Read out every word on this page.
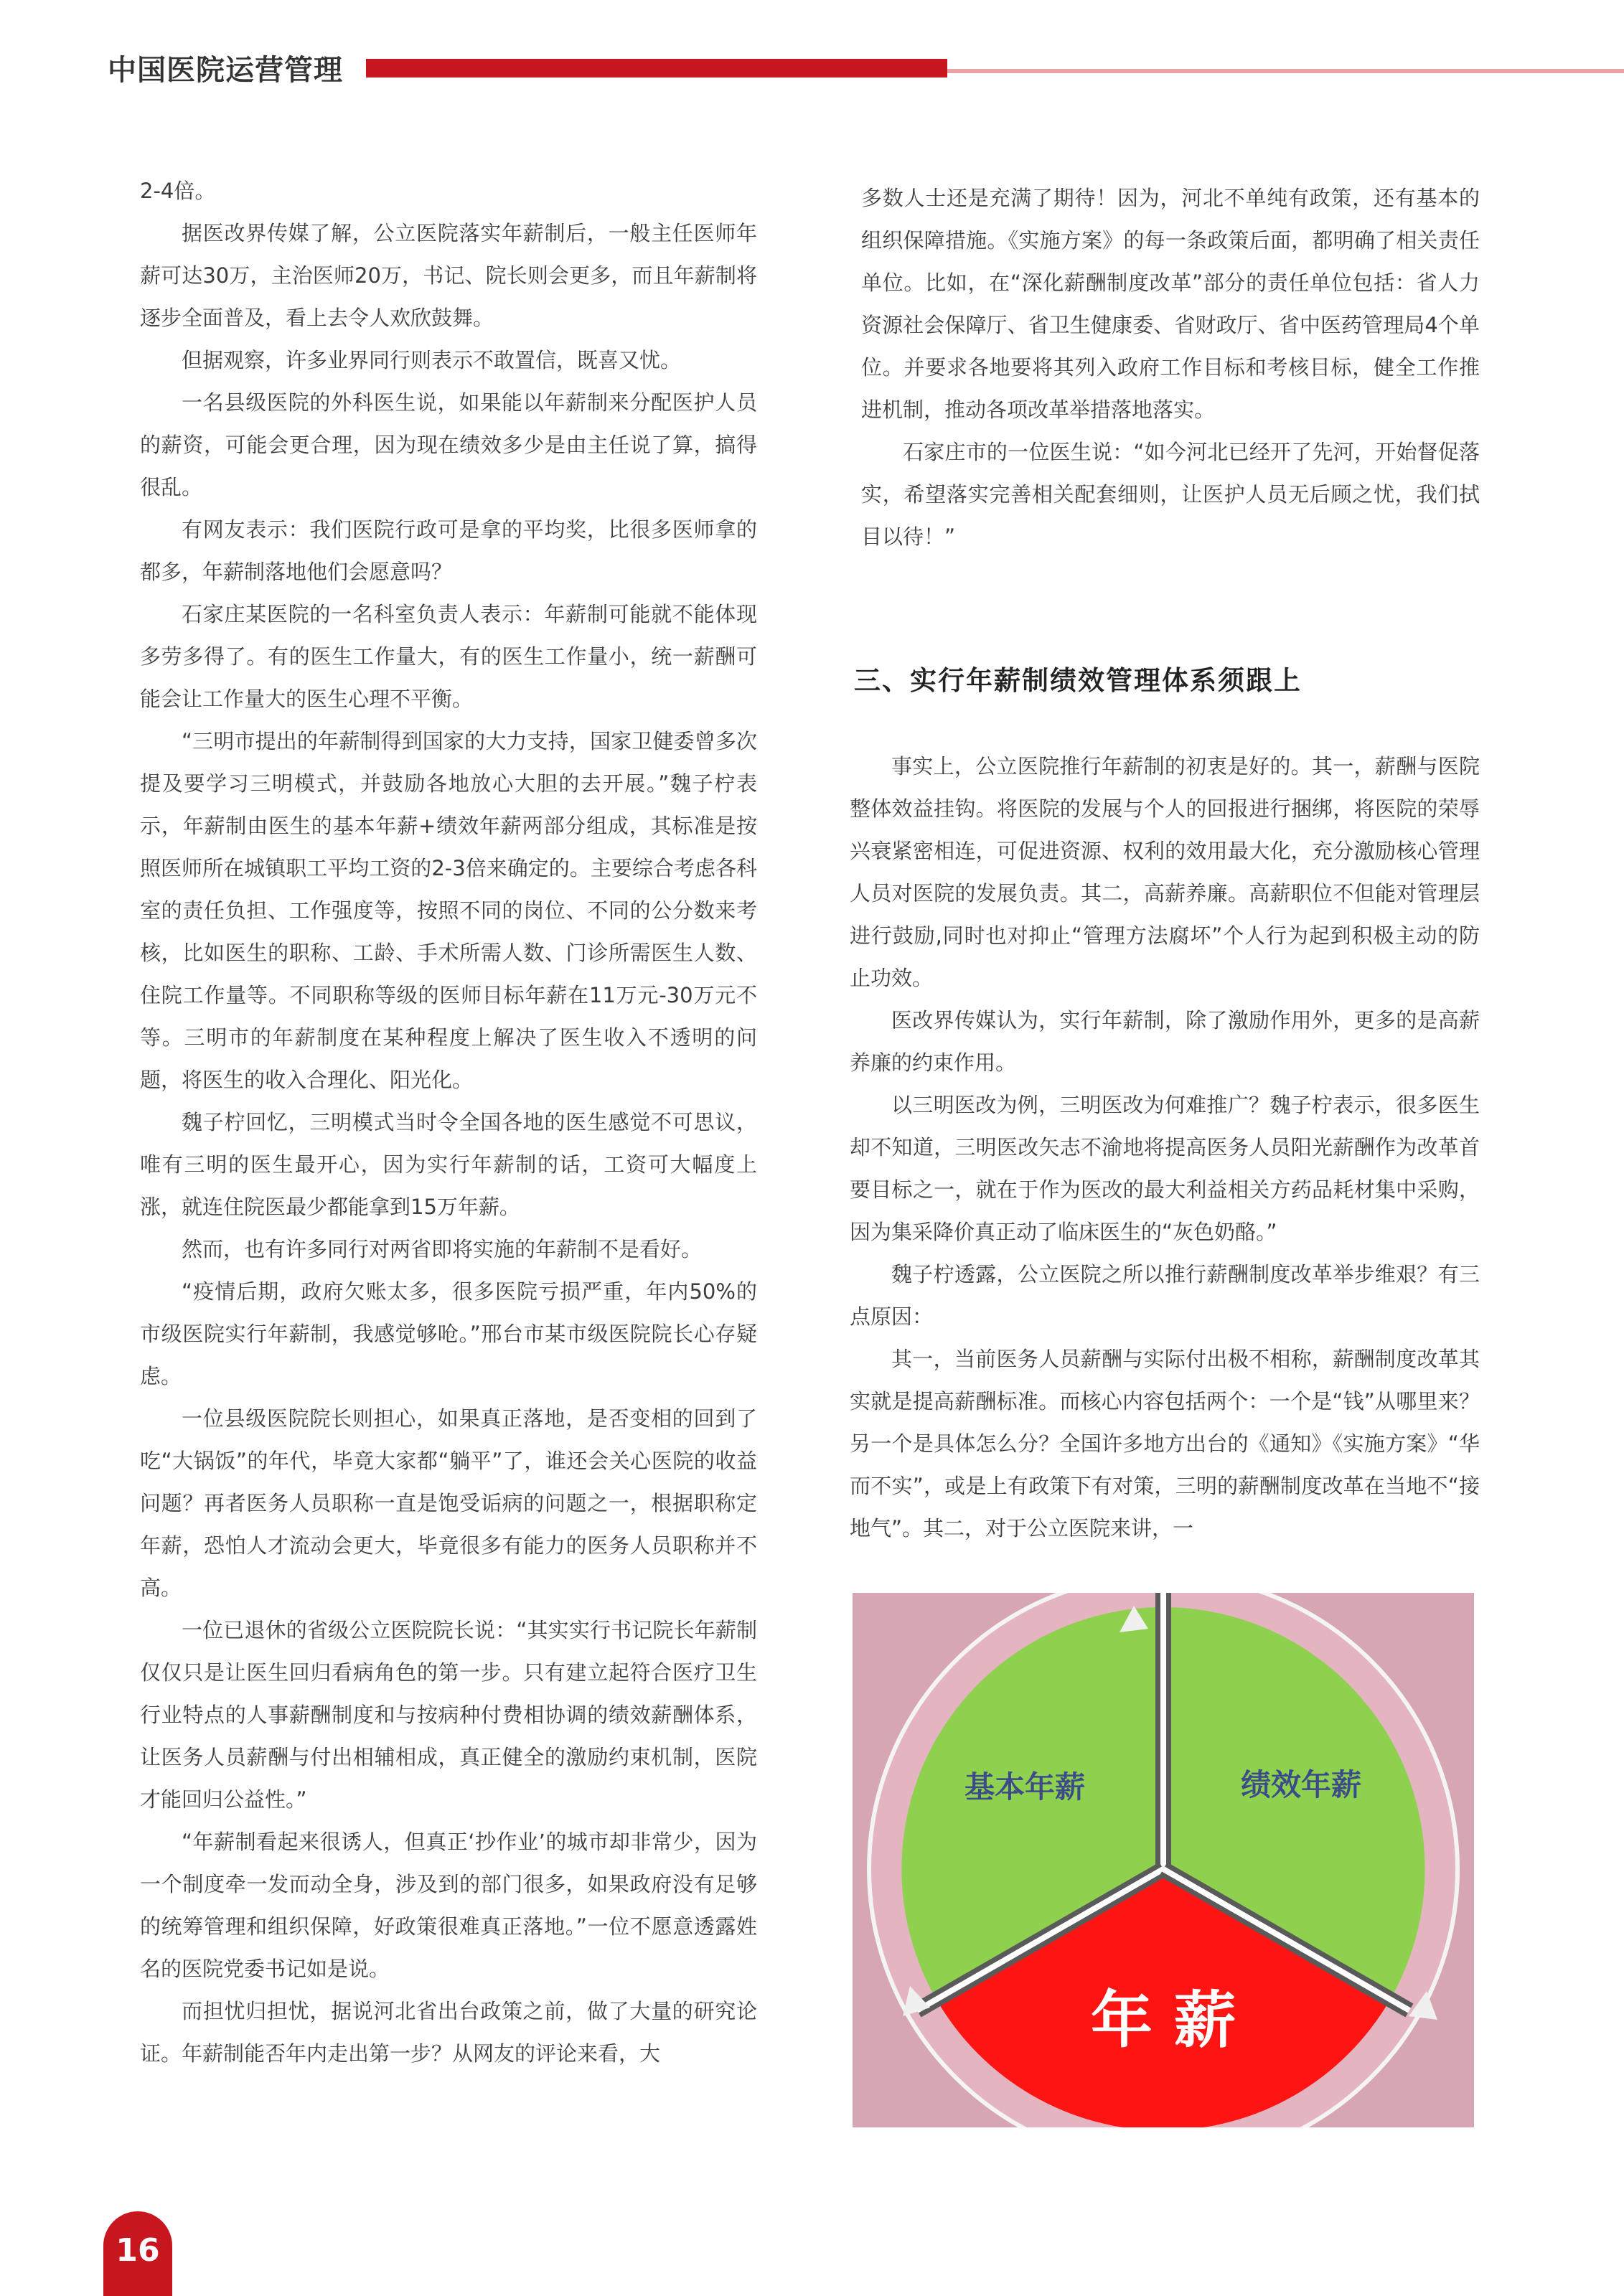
中国医院运营管理

2-4倍。

据医改界传媒了解，公立医院落实年薪制后，一般主任医师年薪可达30万，主治医师20万，书记、院长则会更多，而且年薪制将逐步全面普及，看上去令人欢欣鼓舞。

但据观察，许多业界同行则表示不敢置信，既喜又忧。

一名县级医院的外科医生说，如果能以年薪制来分配医护人员的薪资，可能会更合理，因为现在绩效多少是由主任说了算，搞得很乱。

有网友表示：我们医院行政可是拿的平均奖，比很多医师拿的都多，年薪制落地他们会愿意吗？

石家庄某医院的一名科室负责人表示：年薪制可能就不能体现多劳多得了。有的医生工作量大，有的医生工作量小，统一薪酬可能会让工作量大的医生心理不平衡。

“三明市提出的年薪制得到国家的大力支持，国家卫健委曾多次提及要学习三明模式，并鼓励各地放心大胆的去开展。”魏子柠表示，年薪制由医生的基本年薪+绩效年薪两部分组成，其标准是按照医师所在城镇职工平均工资的2-3倍来确定的。主要综合考虑各科室的责任负担、工作强度等，按照不同的岗位、不同的公分数来考核，比如医生的职称、工龄、手术所需人数、门诊所需医生人数、住院工作量等。不同职称等级的医师目标年薪在11万元-30万元不等。三明市的年薪制度在某种程度上解决了医生收入不透明的问题，将医生的收入合理化、阳光化。

魏子柠回忆，三明模式当时令全国各地的医生感觉不可思议，唯有三明的医生最开心，因为实行年薪制的话，工资可大幅度上涨，就连住院医最少都能拿到15万年薪。

然而，也有许多同行对两省即将实施的年薪制不是看好。

“疫情后期，政府欠账太多，很多医院亏损严重，年内50%的市级医院实行年薪制，我感觉够呛。”邢台市某市级医院院长心存疑虑。

一位县级医院院长则担心，如果真正落地，是否变相的回到了吃“大锅饭”的年代，毕竟大家都“躺平”了，谁还会关心医院的收益问题？再者医务人员职称一直是饱受诟病的问题之一，根据职称定年薪，恐怕人才流动会更大，毕竟很多有能力的医务人员职称并不高。

一位已退休的省级公立医院院长说：“其实实行书记院长年薪制仅仅只是让医生回归看病角色的第一步。只有建立起符合医疗卫生行业特点的人事薪酬制度和与按病种付费相协调的绩效薪酬体系，让医务人员薪酬与付出相辅相成，真正健全的激励约束机制，医院才能回归公益性。”

“年薪制看起来很诱人，但真正‘抄作业’的城市却非常少，因为一个制度牵一发而动全身，涉及到的部门很多，如果政府没有足够的统筹管理和组织保障，好政策很难真正落地。”一位不愿意透露姓名的医院党委书记如是说。

而担忧归担忧，据说河北省出台政策之前，做了大量的研究论证。年薪制能否年内走出第一步？从网友的评论来看，大

多数人士还是充满了期待！因为，河北不单纯有政策，还有基本的组织保障措施。《实施方案》的每一条政策后面，都明确了相关责任单位。比如，在“深化薪酬制度改革”部分的责任单位包括：省人力资源社会保障厅、省卫生健康委、省财政厅、省中医药管理局4个单位。并要求各地要将其列入政府工作目标和考核目标，健全工作推进机制，推动各项改革举措落地落实。

石家庄市的一位医生说：“如今河北已经开了先河，开始督促落实，希望落实完善相关配套细则，让医护人员无后顾之忧，我们拭目以待！”

三、实行年薪制绩效管理体系须跟上

事实上，公立医院推行年薪制的初衷是好的。其一，薪酬与医院整体效益挂钩。将医院的发展与个人的回报进行捆绑，将医院的荣辱兴衰紧密相连，可促进资源、权利的效用最大化，充分激励核心管理人员对医院的发展负责。其二，高薪养廉。高薪职位不但能对管理层进行鼓励,同时也对抑止“管理方法腐坏”个人行为起到积极主动的防止功效。

医改界传媒认为，实行年薪制，除了激励作用外，更多的是高薪养廉的约束作用。

以三明医改为例，三明医改为何难推广？魏子柠表示，很多医生却不知道，三明医改矢志不渝地将提高医务人员阳光薪酬作为改革首要目标之一，就在于作为医改的最大利益相关方药品耗材集中采购，因为集采降价真正动了临床医生的“灰色奶酪。”

魏子柠透露，公立医院之所以推行薪酬制度改革举步维艰？有三点原因：

其一，当前医务人员薪酬与实际付出极不相称，薪酬制度改革其实就是提高薪酬标准。而核心内容包括两个：一个是“钱”从哪里来？另一个是具体怎么分？全国许多地方出台的《通知》《实施方案》“华而不实”，或是上有政策下有对策，三明的薪酬制度改革在当地不“接地气”。其二，对于公立医院来讲，一

基本年薪	绩效年薪
年 薪
16
